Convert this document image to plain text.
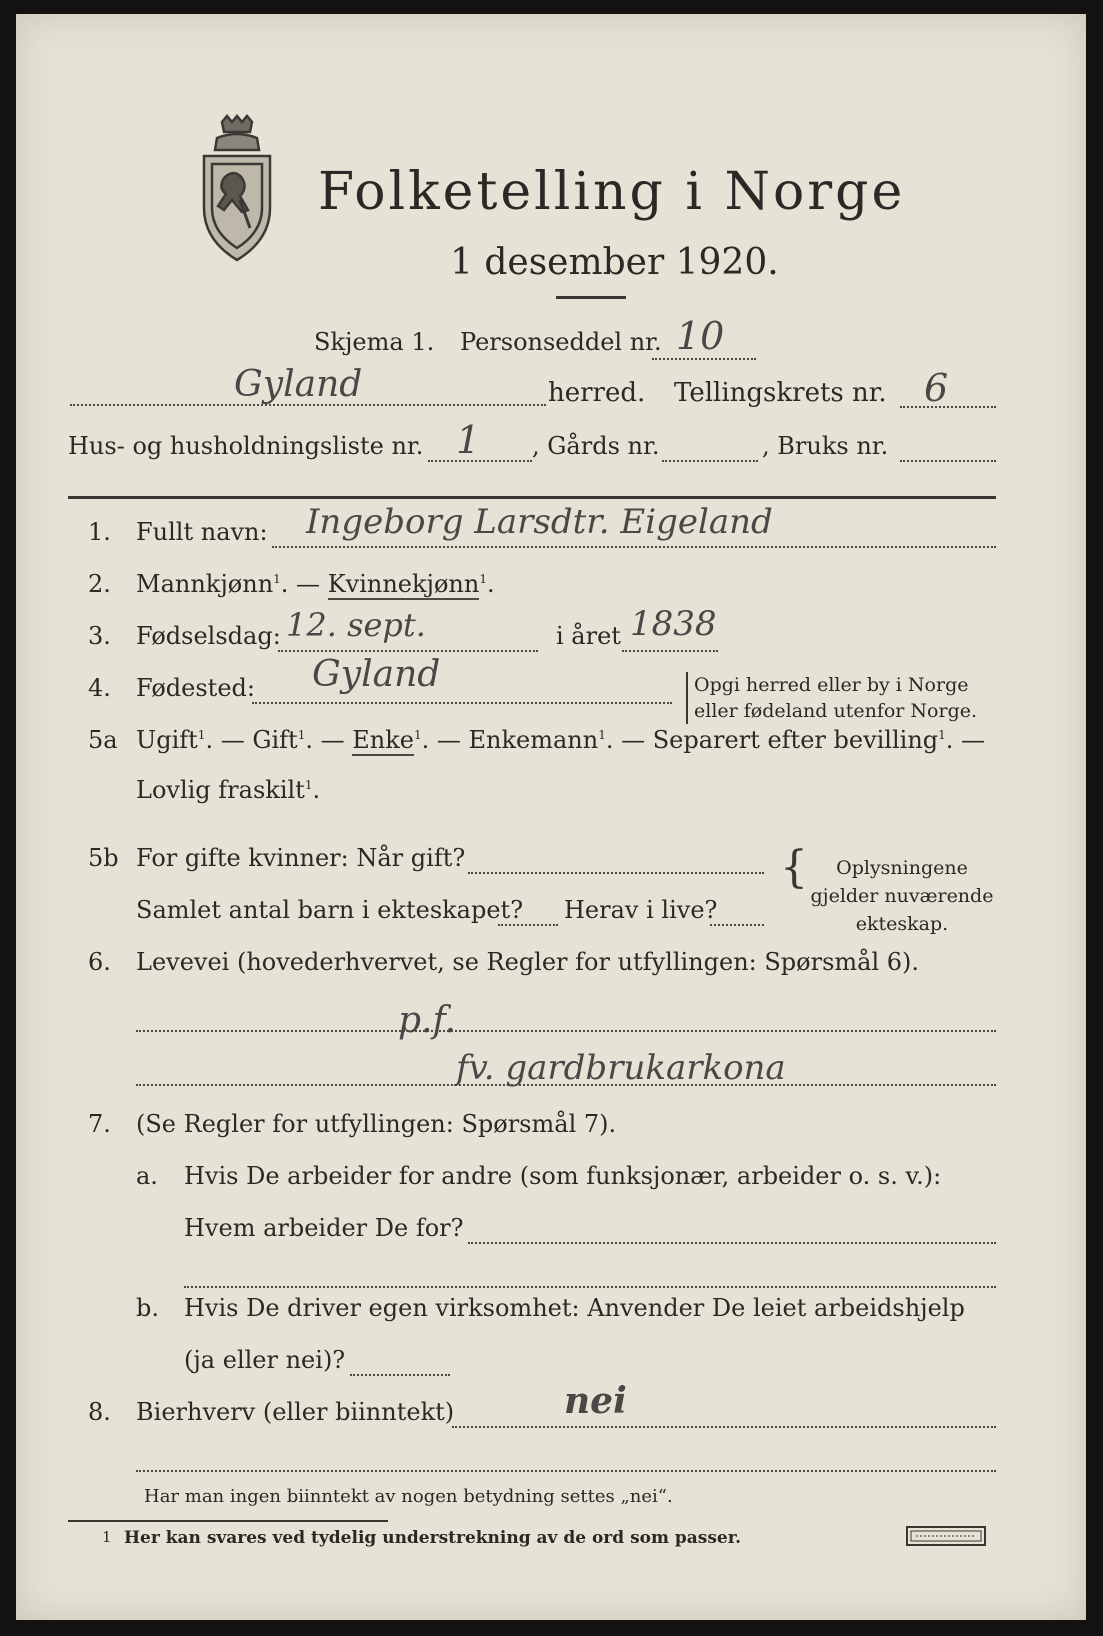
Folketelling i Norge
1 desember 1920.
Skjema 1. Personseddel nr. 10
Gyland	herred. Tellingskrets nr. 6
Hus- og husholdningsliste nr. 1 , Gårds nr.	, Bruks nr.
1. Fullt navn: Ingeborg Larsdtr. Eigeland
2. Mannkjønn$^1$. — Kvinnekjønn$^1$.
3. Fødselsdag: 12. sept.	i året 1838
4. Fødested: Gyland	Opgi herred eller by i Norge
eller fødeland utenfor Norge.
5a Ugift$^1$. — Gift$^1$. — Enke$^1$. — Enkemann$^1$. — Separert efter bevilling$^1$. —
Lovlig fraskilt$^1$.
5b For gifte kvinner: Når gift?
Samlet antal barn i ekteskapet? Herav i live?
{	Oplysningene
gjelder nuværende
ekteskap.
6. Levevei (hovederhvervet, se Regler for utfyllingen: Spørsmål 6).
p.f.
fv. gardbrukarkona
7. (Se Regler for utfyllingen: Spørsmål 7).
a. Hvis De arbeider for andre (som funksjonær, arbeider o. s. v.):
Hvem arbeider De for?
b. Hvis De driver egen virksomhet: Anvender De leiet arbeidshjelp
(ja eller nei)?
8. Bierhverv (eller biinntekt)	nei
Har man ingen biinntekt av nogen betydning settes „nei“.
1 Her kan svares ved tydelig understrekning av de ord som passer.
